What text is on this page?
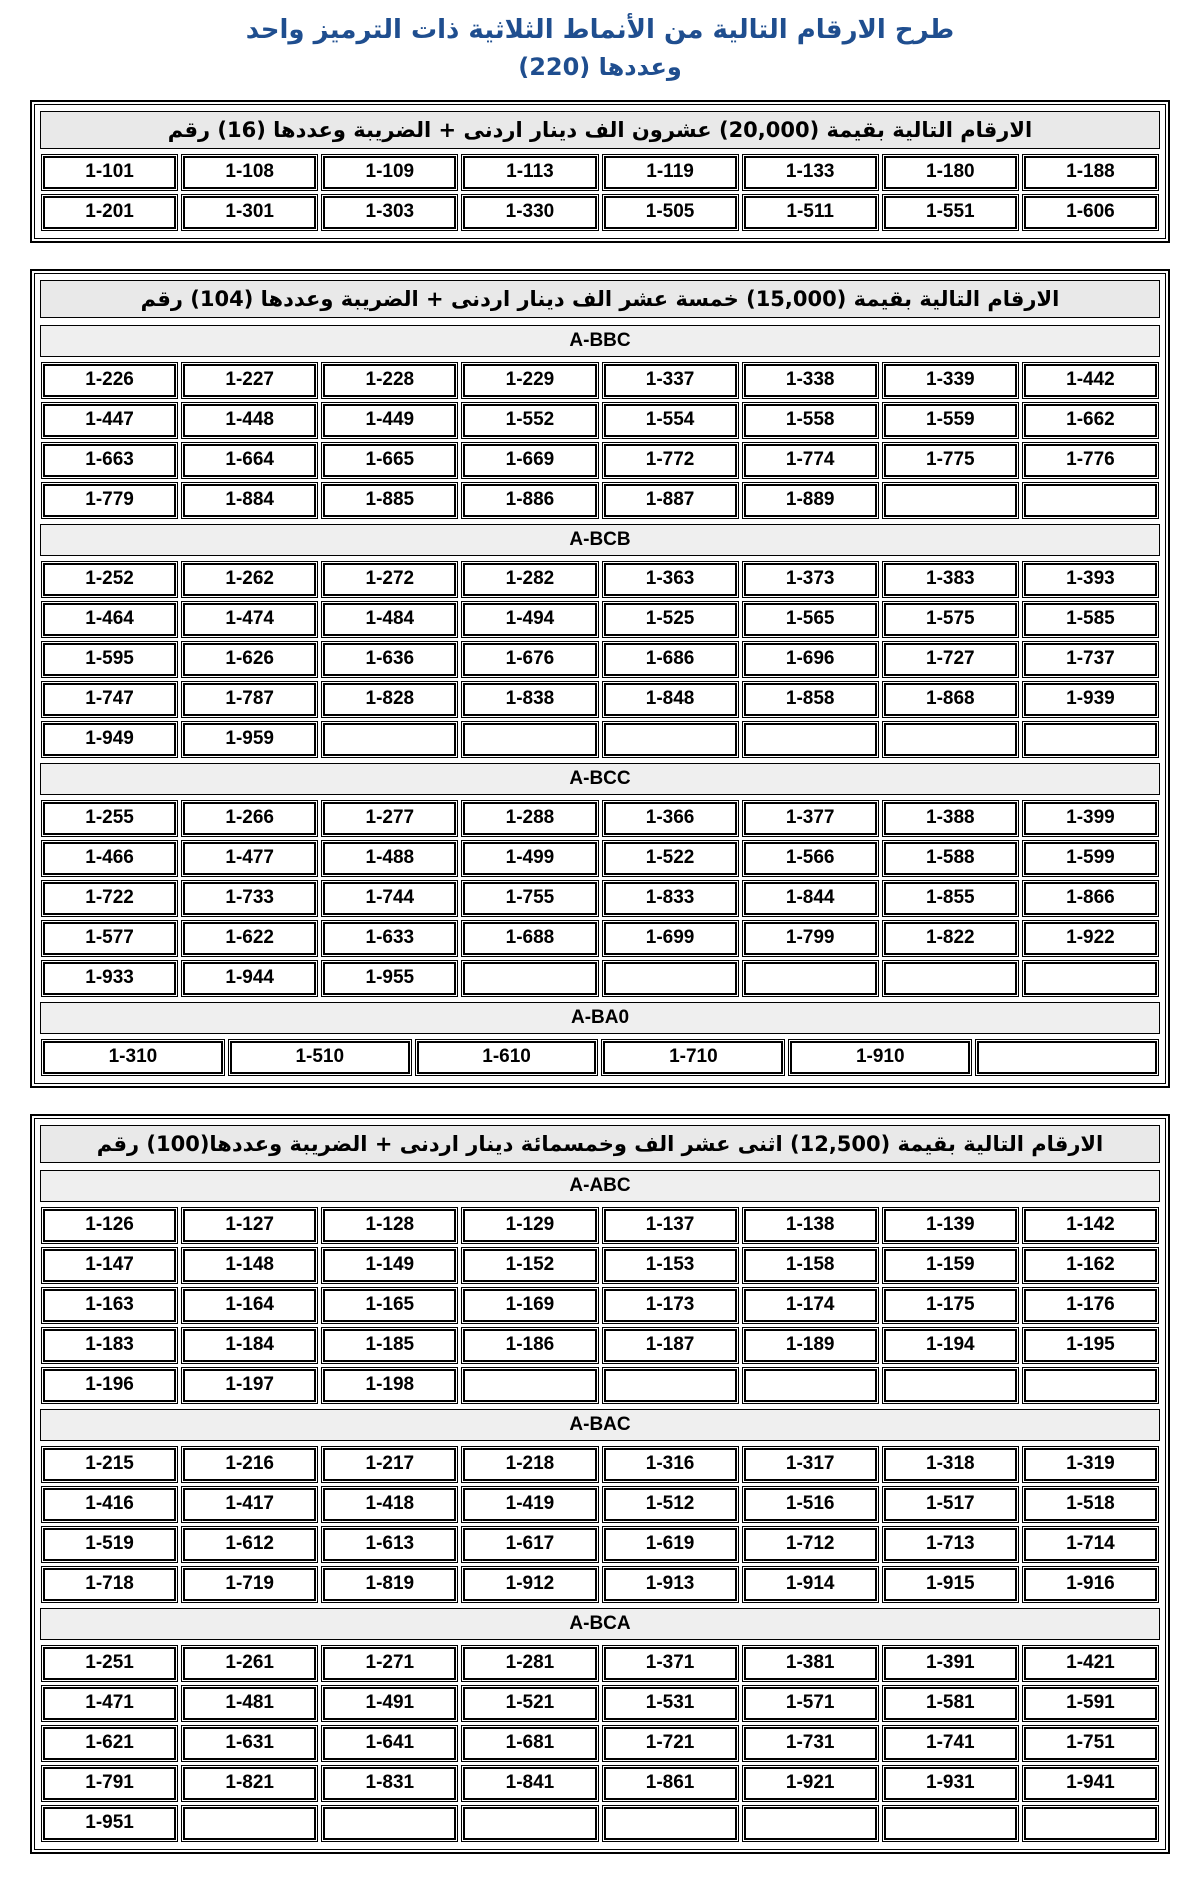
طرح الارقام التالية من الأنماط الثلاثية ذات الترميز واحد
وعددها (220)
الارقام التالية بقيمة (20,000) عشرون الف دينار اردنى + الضريبة وعددها (16) رقم
1-101	1-108	1-109	1-113	1-119	1-133	1-180	1-188
1-201	1-301	1-303	1-330	1-505	1-511	1-551	1-606
الارقام التالية بقيمة (15,000) خمسة عشر الف دينار اردنى + الضريبة وعددها (104) رقم
A-BBC
1-226	1-227	1-228	1-229	1-337	1-338	1-339	1-442
1-447	1-448	1-449	1-552	1-554	1-558	1-559	1-662
1-663	1-664	1-665	1-669	1-772	1-774	1-775	1-776
1-779	1-884	1-885	1-886	1-887	1-889
A-BCB
1-252	1-262	1-272	1-282	1-363	1-373	1-383	1-393
1-464	1-474	1-484	1-494	1-525	1-565	1-575	1-585
1-595	1-626	1-636	1-676	1-686	1-696	1-727	1-737
1-747	1-787	1-828	1-838	1-848	1-858	1-868	1-939
1-949	1-959
A-BCC
1-255	1-266	1-277	1-288	1-366	1-377	1-388	1-399
1-466	1-477	1-488	1-499	1-522	1-566	1-588	1-599
1-722	1-733	1-744	1-755	1-833	1-844	1-855	1-866
1-577	1-622	1-633	1-688	1-699	1-799	1-822	1-922
1-933	1-944	1-955
A-BA0
1-310	1-510	1-610	1-710	1-910
الارقام التالية بقيمة (12,500) اثنى عشر الف وخمسمائة دينار اردنى + الضريبة وعددها(100) رقم
A-ABC
1-126	1-127	1-128	1-129	1-137	1-138	1-139	1-142
1-147	1-148	1-149	1-152	1-153	1-158	1-159	1-162
1-163	1-164	1-165	1-169	1-173	1-174	1-175	1-176
1-183	1-184	1-185	1-186	1-187	1-189	1-194	1-195
1-196	1-197	1-198
A-BAC
1-215	1-216	1-217	1-218	1-316	1-317	1-318	1-319
1-416	1-417	1-418	1-419	1-512	1-516	1-517	1-518
1-519	1-612	1-613	1-617	1-619	1-712	1-713	1-714
1-718	1-719	1-819	1-912	1-913	1-914	1-915	1-916
A-BCA
1-251	1-261	1-271	1-281	1-371	1-381	1-391	1-421
1-471	1-481	1-491	1-521	1-531	1-571	1-581	1-591
1-621	1-631	1-641	1-681	1-721	1-731	1-741	1-751
1-791	1-821	1-831	1-841	1-861	1-921	1-931	1-941
1-951
